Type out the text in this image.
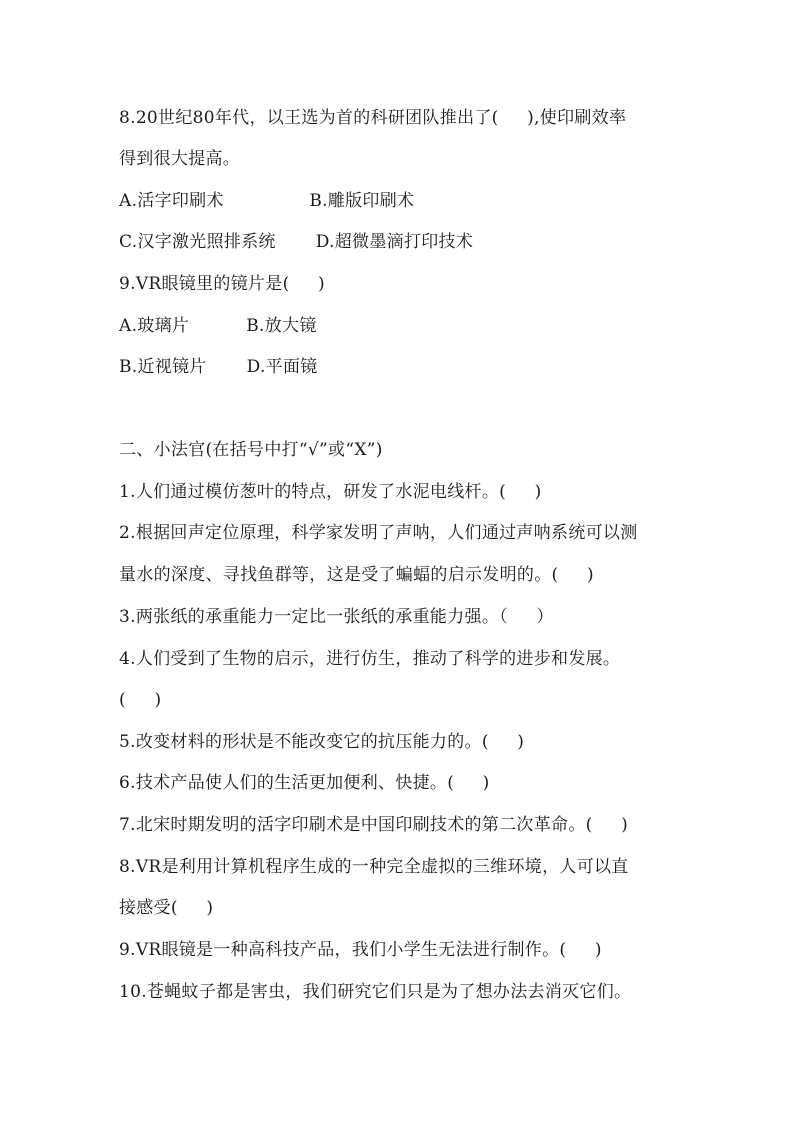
8.20世纪80年代，以王选为首的科研团队推出了(     ),使印刷效率
得到很大提高。
A.活字印刷术               B.雕版印刷术
C.汉字激光照排系统       D.超微墨滴打印技术
9.VR眼镜里的镜片是(     )
A.玻璃片          B.放大镜
B.近视镜片       D.平面镜
二、小法官(在括号中打“√”或“X”)
1.人们通过模仿葱叶的特点，研发了水泥电线杆。(     )
2.根据回声定位原理，科学家发明了声呐，人们通过声呐系统可以测
量水的深度、寻找鱼群等，这是受了蝙蝠的启示发明的。(     )
3.两张纸的承重能力一定比一张纸的承重能力强。（     ）
4.人们受到了生物的启示，进行仿生，推动了科学的进步和发展。
(     )
5.改变材料的形状是不能改变它的抗压能力的。(     )
6.技术产品使人们的生活更加便利、快捷。(     )
7.北宋时期发明的活字印刷术是中国印刷技术的第二次革命。(     )
8.VR是利用计算机程序生成的一种完全虚拟的三维环境，人可以直
接感受(     )
9.VR眼镜是一种高科技产品，我们小学生无法进行制作。(     )
10.苍蝇蚊子都是害虫，我们研究它们只是为了想办法去消灭它们。
